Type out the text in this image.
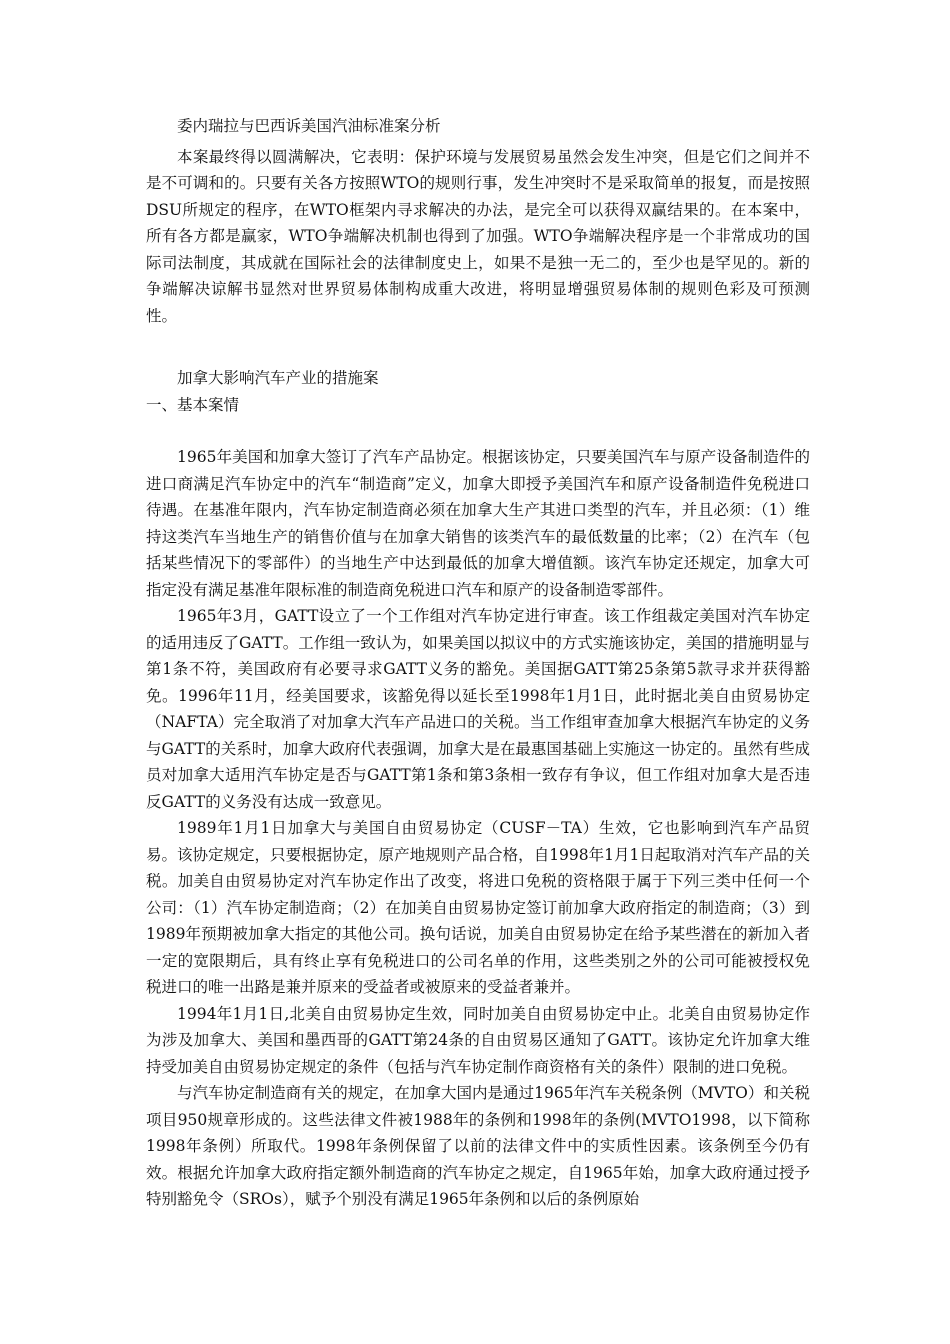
委内瑞拉与巴西诉美国汽油标准案分析

本案最终得以圆满解决，它表明：保护环境与发展贸易虽然会发生冲突，但是它们之间并不是不可调和的。只要有关各方按照WTO的规则行事，发生冲突时不是采取简单的报复，而是按照DSU所规定的程序，在WTO框架内寻求解决的办法，是完全可以获得双赢结果的。在本案中，所有各方都是赢家，WTO争端解决机制也得到了加强。WTO争端解决程序是一个非常成功的国际司法制度，其成就在国际社会的法律制度史上，如果不是独一无二的，至少也是罕见的。新的争端解决谅解书显然对世界贸易体制构成重大改进，将明显增强贸易体制的规则色彩及可预测性。

加拿大影响汽车产业的措施案

一、基本案情

1965年美国和加拿大签订了汽车产品协定。根据该协定，只要美国汽车与原产设备制造件的进口商满足汽车协定中的汽车“制造商”定义，加拿大即授予美国汽车和原产设备制造件免税进口待遇。在基准年限内，汽车协定制造商必须在加拿大生产其进口类型的汽车，并且必须：（1）维持这类汽车当地生产的销售价值与在加拿大销售的该类汽车的最低数量的比率；（2）在汽车（包括某些情况下的零部件）的当地生产中达到最低的加拿大增值额。该汽车协定还规定，加拿大可指定没有满足基准年限标准的制造商免税进口汽车和原产的设备制造零部件。

1965年3月，GATT设立了一个工作组对汽车协定进行审查。该工作组裁定美国对汽车协定的适用违反了GATT。工作组一致认为，如果美国以拟议中的方式实施该协定，美国的措施明显与第1条不符，美国政府有必要寻求GATT义务的豁免。美国据GATT第25条第5款寻求并获得豁免。1996年11月，经美国要求，该豁免得以延长至1998年1月1日，此时据北美自由贸易协定（NAFTA）完全取消了对加拿大汽车产品进口的关税。当工作组审查加拿大根据汽车协定的义务与GATT的关系时，加拿大政府代表强调，加拿大是在最惠国基础上实施这一协定的。虽然有些成员对加拿大适用汽车协定是否与GATT第1条和第3条相一致存有争议，但工作组对加拿大是否违反GATT的义务没有达成一致意见。

1989年1月1日加拿大与美国自由贸易协定（CUSF－TA）生效，它也影响到汽车产品贸易。该协定规定，只要根据协定，原产地规则产品合格，自1998年1月1日起取消对汽车产品的关税。加美自由贸易协定对汽车协定作出了改变，将进口免税的资格限于属于下列三类中任何一个公司：（1）汽车协定制造商；（2）在加美自由贸易协定签订前加拿大政府指定的制造商；（3）到1989年预期被加拿大指定的其他公司。换句话说，加美自由贸易协定在给予某些潜在的新加入者一定的宽限期后，具有终止享有免税进口的公司名单的作用，这些类别之外的公司可能被授权免税进口的唯一出路是兼并原来的受益者或被原来的受益者兼并。

1994年1月1日,北美自由贸易协定生效，同时加美自由贸易协定中止。北美自由贸易协定作为涉及加拿大、美国和墨西哥的GATT第24条的自由贸易区通知了GATT。该协定允许加拿大维持受加美自由贸易协定规定的条件（包括与汽车协定制作商资格有关的条件）限制的进口免税。

与汽车协定制造商有关的规定，在加拿大国内是通过1965年汽车关税条例（MVTO）和关税项目950规章形成的。这些法律文件被1988年的条例和1998年的条例(MVTO1998，以下简称1998年条例）所取代。1998年条例保留了以前的法律文件中的实质性因素。该条例至今仍有效。根据允许加拿大政府指定额外制造商的汽车协定之规定，自1965年始，加拿大政府通过授予特别豁免令（SROs），赋予个别没有满足1965年条例和以后的条例原始
